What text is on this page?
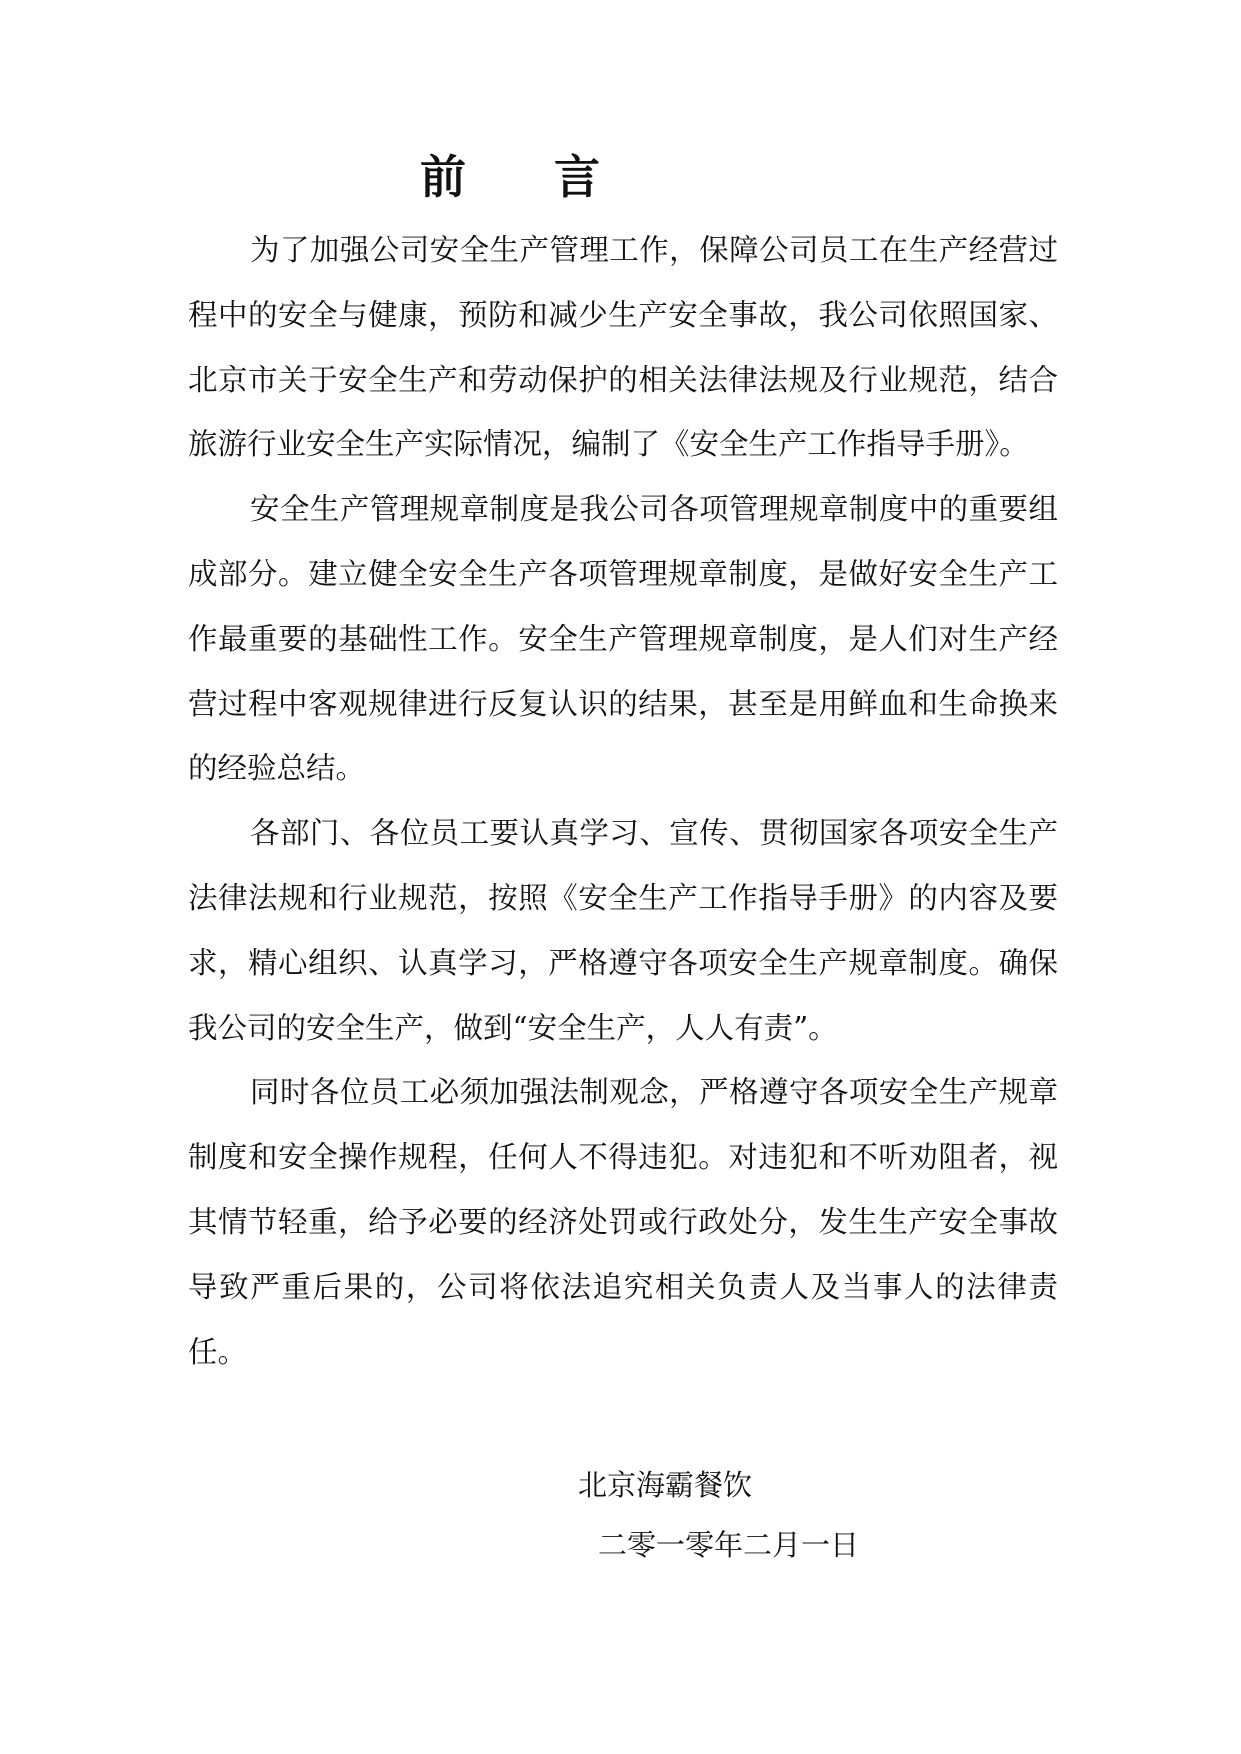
前 言

为了加强公司安全生产管理工作，保障公司员工在生产经营过程中的安全与健康，预防和减少生产安全事故，我公司依照国家、北京市关于安全生产和劳动保护的相关法律法规及行业规范，结合旅游行业安全生产实际情况，编制了《安全生产工作指导手册》。

安全生产管理规章制度是我公司各项管理规章制度中的重要组成部分。建立健全安全生产各项管理规章制度，是做好安全生产工作最重要的基础性工作。安全生产管理规章制度，是人们对生产经营过程中客观规律进行反复认识的结果，甚至是用鲜血和生命换来的经验总结。

各部门、各位员工要认真学习、宣传、贯彻国家各项安全生产法律法规和行业规范，按照《安全生产工作指导手册》的内容及要求，精心组织、认真学习，严格遵守各项安全生产规章制度。确保我公司的安全生产，做到“安全生产，人人有责”。

同时各位员工必须加强法制观念，严格遵守各项安全生产规章制度和安全操作规程，任何人不得违犯。对违犯和不听劝阻者，视其情节轻重，给予必要的经济处罚或行政处分，发生生产安全事故导致严重后果的，公司将依法追究相关负责人及当事人的法律责任。

北京海霸餐饮
二零一零年二月一日
